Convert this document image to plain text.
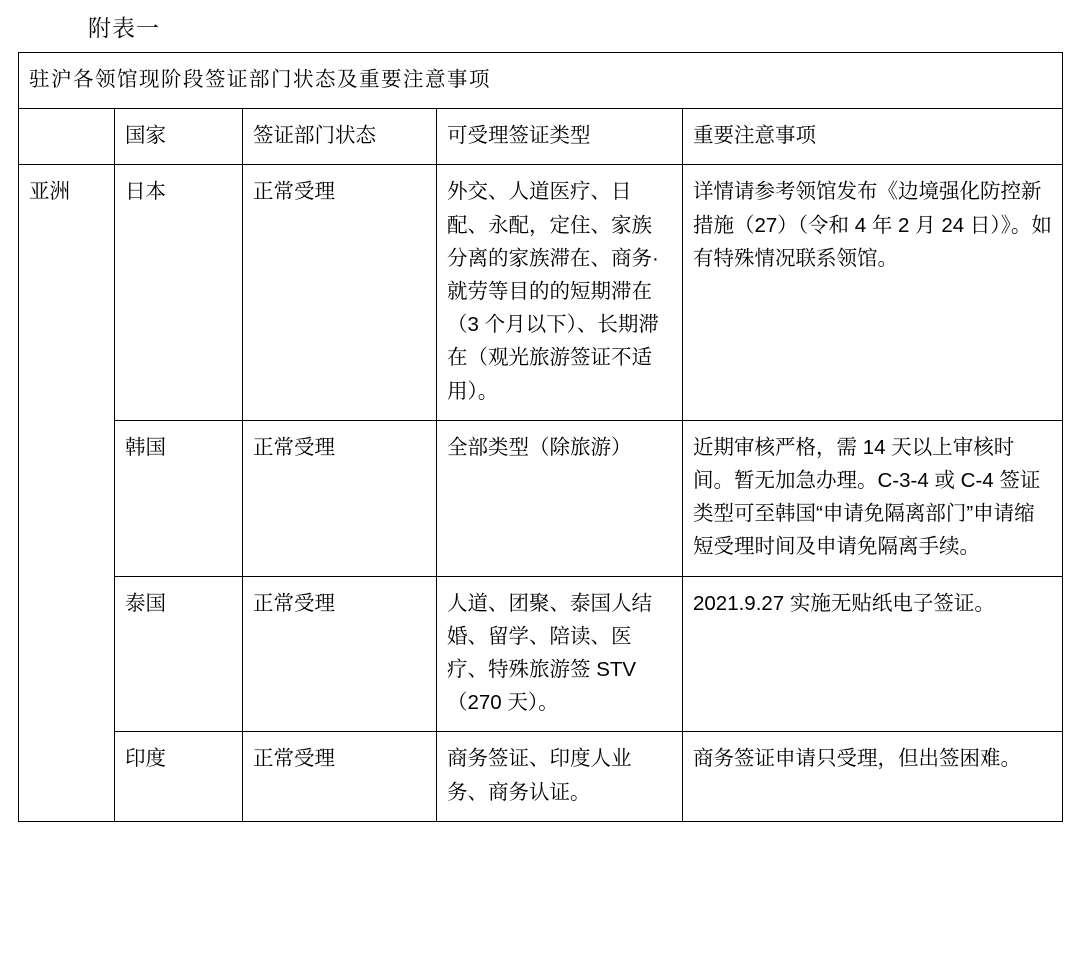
附表一
驻沪各领馆现阶段签证部门状态及重要注意事项				
	国家	签证部门状态	可受理签证类型	重要注意事项
亚洲	日本	正常受理	外交、人道医疗、日配、永配，定住、家族分离的家族滞在、商务·就劳等目的的短期滞在（3 个月以下）、长期滞在（观光旅游签证不适用）。	详情请参考领馆发布《边境强化防控新措施（27）（令和 4 年 2 月 24 日）》。如有特殊情况联系领馆。
	韩国	正常受理	全部类型（除旅游）	近期审核严格，需 14 天以上审核时间。暂无加急办理。C-3-4 或 C-4 签证类型可至韩国“申请免隔离部门”申请缩短受理时间及申请免隔离手续。
	泰国	正常受理	人道、团聚、泰国人结婚、留学、陪读、医疗、特殊旅游签 STV（270 天）。	2021.9.27 实施无贴纸电子签证。
	印度	正常受理	商务签证、印度人业务、商务认证。	商务签证申请只受理，但出签困难。
